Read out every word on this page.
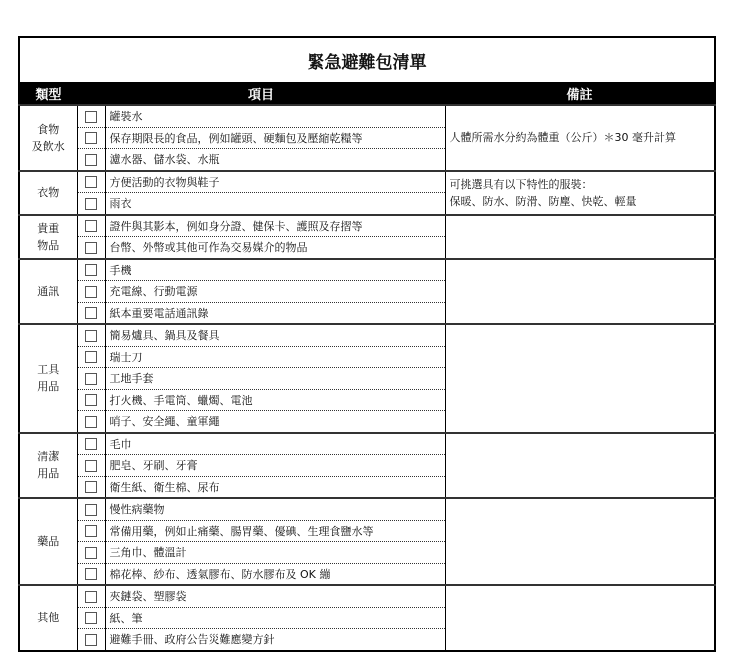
緊急避難包清單			
類型	項目		備註
食物
及飲水		罐裝水	人體所需水分約為體重（公斤）＊30 毫升計算
		保存期限長的食品，例如罐頭、硬麵包及壓縮乾糧等	
		濾水器、儲水袋、水瓶	
衣物		方便活動的衣物與鞋子	可挑選具有以下特性的服裝：
保暖、防水、防滑、防塵、快乾、輕量
		雨衣	
貴重
物品		證件與其影本，例如身分證、健保卡、護照及存摺等	
		台幣、外幣或其他可作為交易媒介的物品	
通訊		手機	
		充電線、行動電源	
		紙本重要電話通訊錄	
工具
用品		簡易爐具、鍋具及餐具	
		瑞士刀	
		工地手套	
		打火機、手電筒、蠟燭、電池	
		哨子、安全繩、童軍繩	
清潔
用品		毛巾	
		肥皂、牙刷、牙膏	
		衛生紙、衛生棉、尿布	
藥品		慢性病藥物	
		常備用藥，例如止痛藥、腸胃藥、優碘、生理食鹽水等	
		三角巾、體溫計	
		棉花棒、紗布、透氣膠布、防水膠布及 OK 繃	
其他		夾鏈袋、塑膠袋	
		紙、筆	
		避難手冊、政府公告災難應變方針	
